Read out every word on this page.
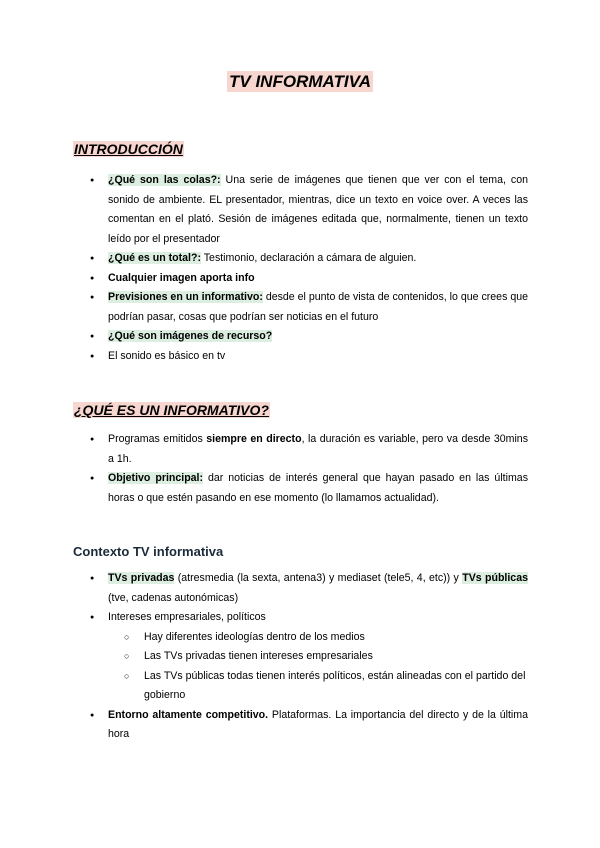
TV INFORMATIVA
INTRODUCCIÓN
● ¿Qué son las colas?: Una serie de imágenes que tienen que ver con el tema, con sonido de ambiente. EL presentador, mientras, dice un texto en voice over. A veces las comentan en el plató. Sesión de imágenes editada que, normalmente, tienen un texto leído por el presentador
● ¿Qué es un total?: Testimonio, declaración a cámara de alguien.
● Cualquier imagen aporta info
● Previsiones en un informativo: desde el punto de vista de contenidos, lo que crees que podrían pasar, cosas que podrían ser noticias en el futuro
● ¿Qué son imágenes de recurso?
● El sonido es básico en tv
¿QUÉ ES UN INFORMATIVO?
● Programas emitidos siempre en directo, la duración es variable, pero va desde 30mins a 1h.
● Objetivo principal: dar noticias de interés general que hayan pasado en las últimas horas o que estén pasando en ese momento (lo llamamos actualidad).
Contexto TV informativa
● TVs privadas (atresmedia (la sexta, antena3) y mediaset (tele5, 4, etc)) y TVs públicas (tve, cadenas autonómicas)
● Intereses empresariales, políticos
○ Hay diferentes ideologías dentro de los medios
○ Las TVs privadas tienen intereses empresariales
○ Las TVs públicas todas tienen interés políticos, están alineadas con el partido del gobierno
● Entorno altamente competitivo. Plataformas. La importancia del directo y de la última hora
